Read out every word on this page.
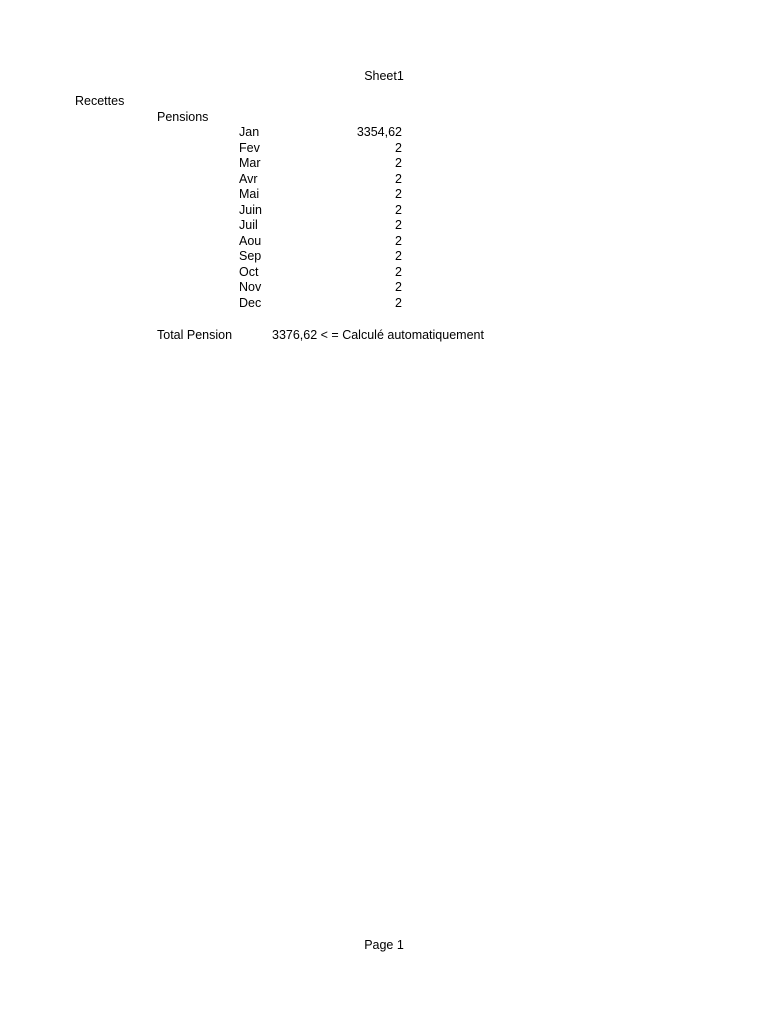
Sheet1
Recettes
Pensions
Jan	3354,62
Fev	2
Mar	2
Avr	2
Mai	2
Juin	2
Juil	2
Aou	2
Sep	2
Oct	2
Nov	2
Dec	2
Total Pension	3376,62 < = Calculé automatiquement
Page 1
